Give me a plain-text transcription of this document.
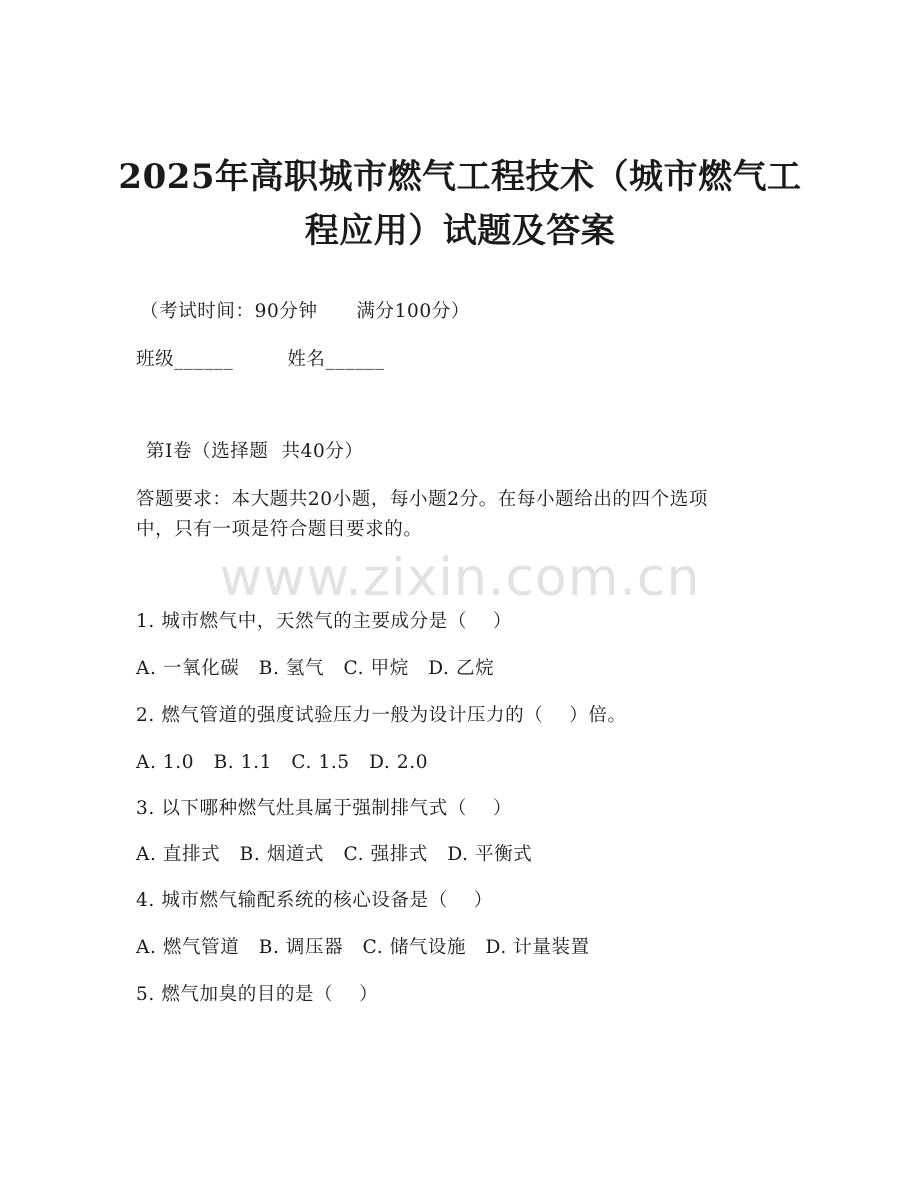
2025年高职城市燃气工程技术（城市燃气工
程应用）试题及答案
（考试时间：90分钟      满分100分）
班级______	姓名______
第I卷（选择题  共40分）
答题要求：本大题共20小题，每小题2分。在每小题给出的四个选项
中，只有一项是符合题目要求的。
www.zixin.com.cn
1. 城市燃气中，天然气的主要成分是（    ）
A. 一氧化碳   B. 氢气   C. 甲烷   D. 乙烷
2. 燃气管道的强度试验压力一般为设计压力的（    ）倍。
A. 1.0   B. 1.1   C. 1.5   D. 2.0
3. 以下哪种燃气灶具属于强制排气式（    ）
A. 直排式   B. 烟道式   C. 强排式   D. 平衡式
4. 城市燃气输配系统的核心设备是（    ）
A. 燃气管道   B. 调压器   C. 储气设施   D. 计量装置
5. 燃气加臭的目的是（    ）
